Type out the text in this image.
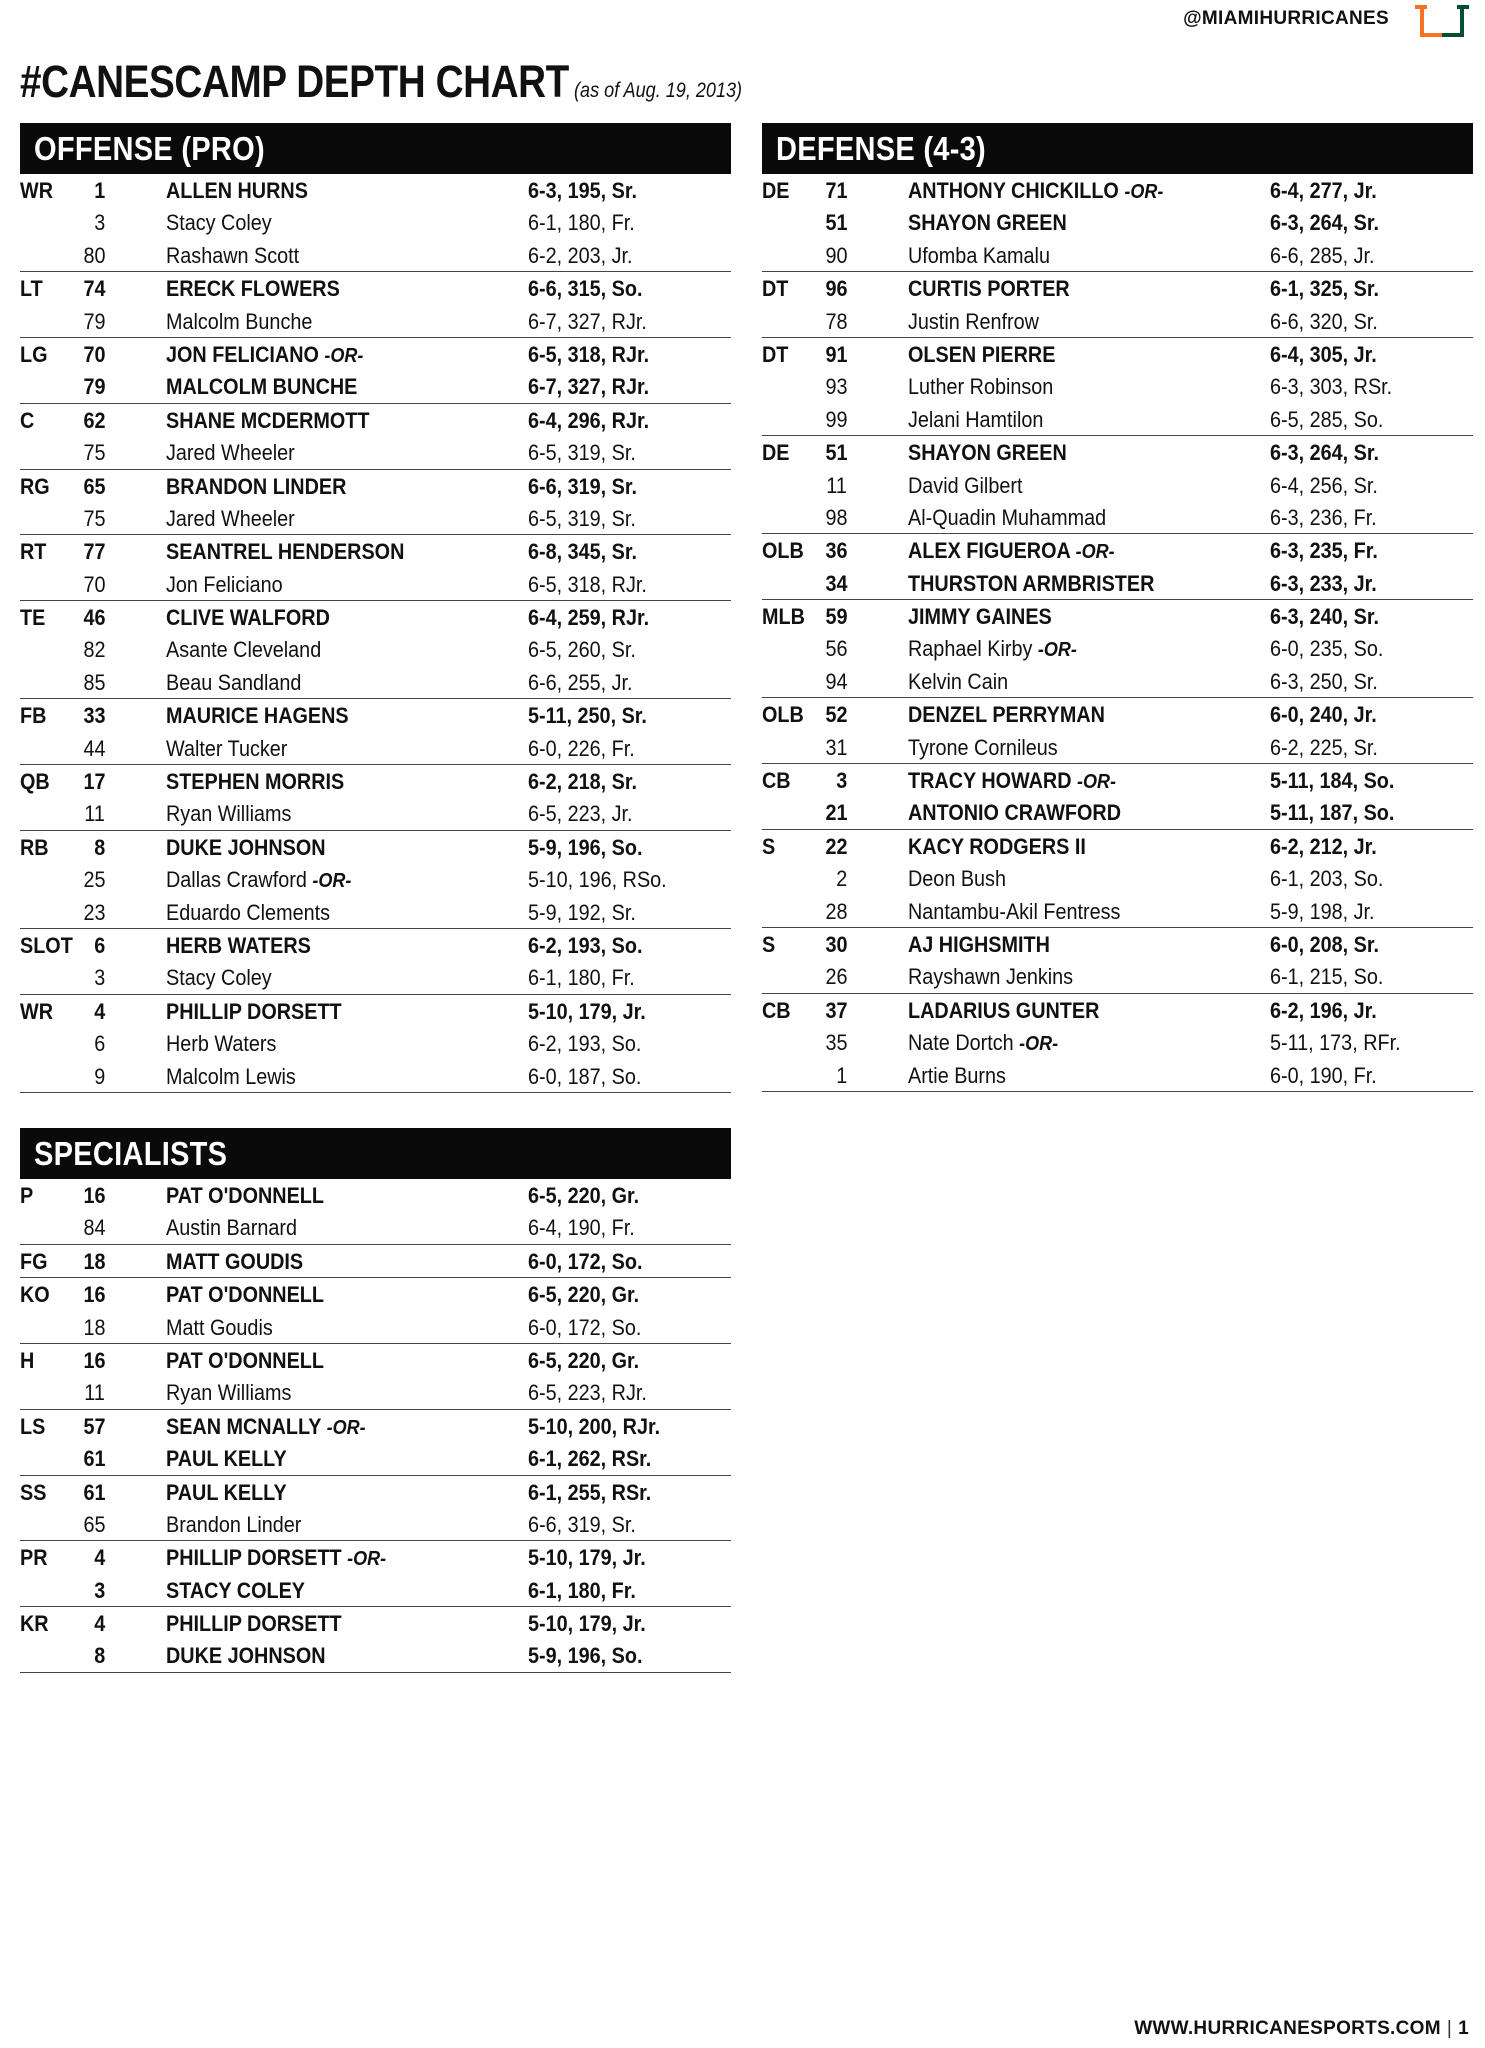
@MIAMIHURRICANES
#CANESCAMP DEPTH CHART (as of Aug. 19, 2013)
OFFENSE (PRO)
WR 1	ALLEN HURNS	6-3, 195, Sr.
3	Stacy Coley	6-1, 180, Fr.
80	Rashawn Scott	6-2, 203, Jr.
LT 74	ERECK FLOWERS	6-6, 315, So.
79	Malcolm Bunche	6-7, 327, RJr.
LG 70	JON FELICIANO -OR-	6-5, 318, RJr.
79	MALCOLM BUNCHE	6-7, 327, RJr.
C 62	SHANE MCDERMOTT	6-4, 296, RJr.
75	Jared Wheeler	6-5, 319, Sr.
RG 65	BRANDON LINDER	6-6, 319, Sr.
75	Jared Wheeler	6-5, 319, Sr.
RT 77	SEANTREL HENDERSON	6-8, 345, Sr.
70	Jon Feliciano	6-5, 318, RJr.
TE 46	CLIVE WALFORD	6-4, 259, RJr.
82	Asante Cleveland	6-5, 260, Sr.
85	Beau Sandland	6-6, 255, Jr.
FB 33	MAURICE HAGENS	5-11, 250, Sr.
44	Walter Tucker	6-0, 226, Fr.
QB 17	STEPHEN MORRIS	6-2, 218, Sr.
11	Ryan Williams	6-5, 223, Jr.
RB 8	DUKE JOHNSON	5-9, 196, So.
25	Dallas Crawford -OR-	5-10, 196, RSo.
23	Eduardo Clements	5-9, 192, Sr.
SLOT 6	HERB WATERS	6-2, 193, So.
3	Stacy Coley	6-1, 180, Fr.
WR 4	PHILLIP DORSETT	5-10, 179, Jr.
6	Herb Waters	6-2, 193, So.
9	Malcolm Lewis	6-0, 187, So.
DEFENSE (4-3)
DE 71	ANTHONY CHICKILLO -OR-	6-4, 277, Jr.
51	SHAYON GREEN	6-3, 264, Sr.
90	Ufomba Kamalu	6-6, 285, Jr.
DT 96	CURTIS PORTER	6-1, 325, Sr.
78	Justin Renfrow	6-6, 320, Sr.
DT 91	OLSEN PIERRE	6-4, 305, Jr.
93	Luther Robinson	6-3, 303, RSr.
99	Jelani Hamtilon	6-5, 285, So.
DE 51	SHAYON GREEN	6-3, 264, Sr.
11	David Gilbert	6-4, 256, Sr.
98	Al-Quadin Muhammad	6-3, 236, Fr.
OLB 36	ALEX FIGUEROA -OR-	6-3, 235, Fr.
34	THURSTON ARMBRISTER	6-3, 233, Jr.
MLB 59	JIMMY GAINES	6-3, 240, Sr.
56	Raphael Kirby -OR-	6-0, 235, So.
94	Kelvin Cain	6-3, 250, Sr.
OLB 52	DENZEL PERRYMAN	6-0, 240, Jr.
31	Tyrone Cornileus	6-2, 225, Sr.
CB 3	TRACY HOWARD -OR-	5-11, 184, So.
21	ANTONIO CRAWFORD	5-11, 187, So.
S 22	KACY RODGERS II	6-2, 212, Jr.
2	Deon Bush	6-1, 203, So.
28	Nantambu-Akil Fentress	5-9, 198, Jr.
S 30	AJ HIGHSMITH	6-0, 208, Sr.
26	Rayshawn Jenkins	6-1, 215, So.
CB 37	LADARIUS GUNTER	6-2, 196, Jr.
35	Nate Dortch -OR-	5-11, 173, RFr.
1	Artie Burns	6-0, 190, Fr.
SPECIALISTS
P 16	PAT O'DONNELL	6-5, 220, Gr.
84	Austin Barnard	6-4, 190, Fr.
FG 18	MATT GOUDIS	6-0, 172, So.
KO 16	PAT O'DONNELL	6-5, 220, Gr.
18	Matt Goudis	6-0, 172, So.
H 16	PAT O'DONNELL	6-5, 220, Gr.
11	Ryan Williams	6-5, 223, RJr.
LS 57	SEAN MCNALLY -OR-	5-10, 200, RJr.
61	PAUL KELLY	6-1, 262, RSr.
SS 61	PAUL KELLY	6-1, 255, RSr.
65	Brandon Linder	6-6, 319, Sr.
PR 4	PHILLIP DORSETT -OR-	5-10, 179, Jr.
3	STACY COLEY	6-1, 180, Fr.
KR 4	PHILLIP DORSETT	5-10, 179, Jr.
8	DUKE JOHNSON	5-9, 196, So.
WWW.HURRICANESPORTS.COM | 1
